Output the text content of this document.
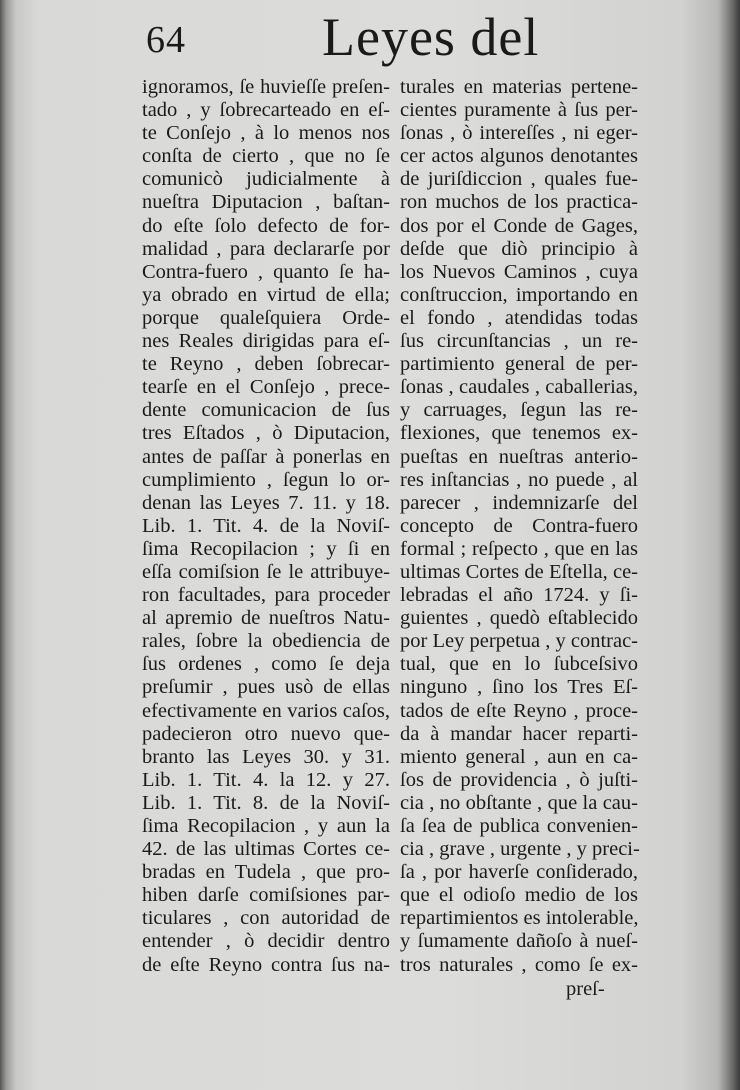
64	Leyes del
ignoramos, ſe huvieſſe preſen-
tado , y ſobrecarteado en eſ-
te Conſejo , à lo menos nos
conſta de cierto , que no ſe
comunicò judicialmente à
nueſtra Diputacion , baſtan-
do eſte ſolo defecto de for-
malidad , para declararſe por
Contra-fuero , quanto ſe ha-
ya obrado en virtud de ella;
porque qualeſquiera Orde-
nes Reales dirigidas para eſ-
te Reyno , deben ſobrecar-
tearſe en el Conſejo , prece-
dente comunicacion de ſus
tres Eſtados , ò Diputacion,
antes de paſſar à ponerlas en
cumplimiento , ſegun lo or-
denan las Leyes 7. 11. y 18.
Lib. 1. Tit. 4. de la Noviſ-
ſima Recopilacion ; y ſi en
eſſa comiſsion ſe le attribuye-
ron facultades, para proceder
al apremio de nueſtros Natu-
rales, ſobre la obediencia de
ſus ordenes , como ſe deja
preſumir , pues usò de ellas
efectivamente en varios caſos,
padecieron otro nuevo que-
branto las Leyes 30. y 31.
Lib. 1. Tit. 4. la 12. y 27.
Lib. 1. Tit. 8. de la Noviſ-
ſima Recopilacion , y aun la
42. de las ultimas Cortes ce-
bradas en Tudela , que pro-
hiben darſe comiſsiones par-
ticulares , con autoridad de
entender , ò decidir dentro
de eſte Reyno contra ſus na-
turales en materias pertene-
cientes puramente à ſus per-
ſonas , ò intereſſes , ni eger-
cer actos algunos denotantes
de juriſdiccion , quales fue-
ron muchos de los practica-
dos por el Conde de Gages,
deſde que diò principio à
los Nuevos Caminos , cuya
conſtruccion, importando en
el fondo , atendidas todas
ſus circunſtancias , un re-
partimiento general de per-
ſonas , caudales , caballerias,
y carruages, ſegun las re-
flexiones, que tenemos ex-
pueſtas en nueſtras anterio-
res inſtancias , no puede , al
parecer , indemnizarſe del
concepto de Contra-fuero
formal ; reſpecto , que en las
ultimas Cortes de Eſtella, ce-
lebradas el año 1724. y ſi-
guientes , quedò eſtablecido
por Ley perpetua , y contrac-
tual, que en lo ſubceſsivo
ninguno , ſino los Tres Eſ-
tados de eſte Reyno , proce-
da à mandar hacer reparti-
miento general , aun en ca-
ſos de providencia , ò juſti-
cia , no obſtante , que la cau-
ſa ſea de publica convenien-
cia , grave , urgente , y preci-
ſa , por haverſe conſiderado,
que el odioſo medio de los
repartimientos es intolerable,
y ſumamente dañoſo à nueſ-
tros naturales , como ſe ex-
preſ-
